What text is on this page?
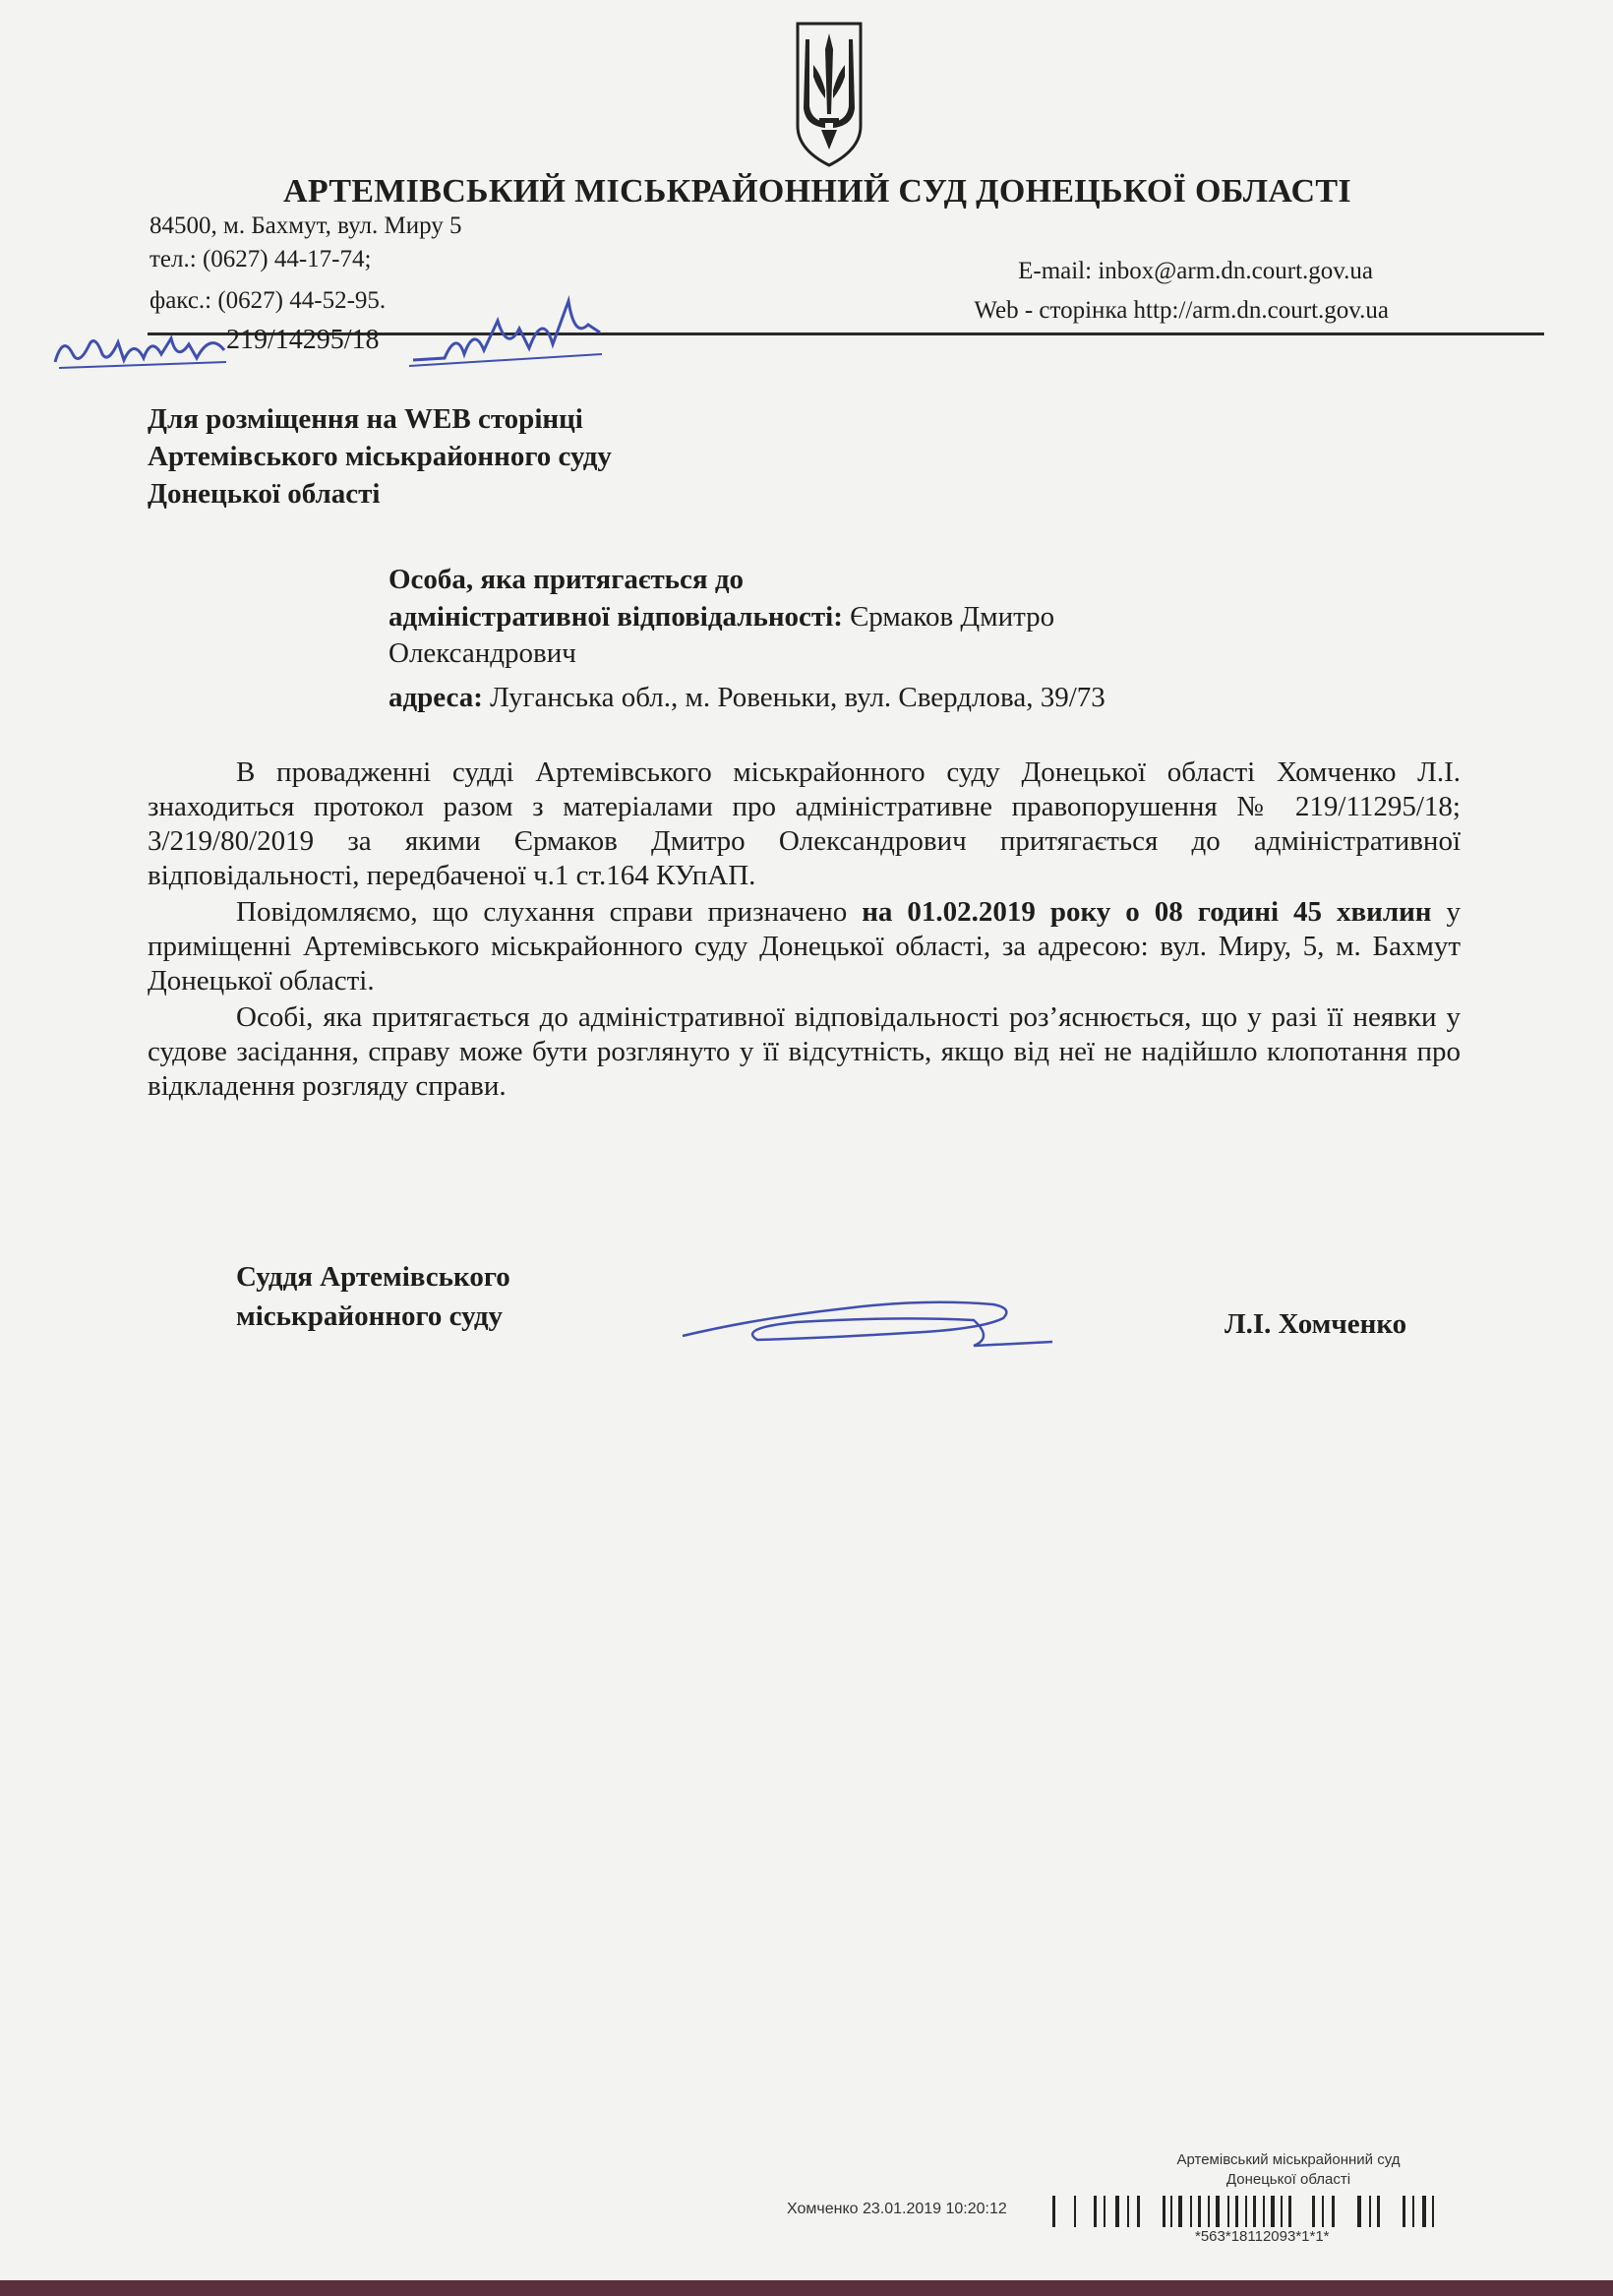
АРТЕМІВСЬКИЙ МІСЬКРАЙОННИЙ СУД ДОНЕЦЬКОЇ ОБЛАСТІ
84500, м. Бахмут, вул. Миру 5
тел.: (0627) 44-17-74;
факс.: (0627) 44-52-95.
E-mail: inbox@arm.dn.court.gov.ua
Web - сторінка http://arm.dn.court.gov.ua
219/14295/18
Для розміщення на WEB сторінці
Артемівського міськрайонного суду
Донецької області
Особа, яка притягається до
адміністративної відповідальності: Єрмаков Дмитро
Олександрович
адреса: Луганська обл., м. Ровеньки, вул. Свердлова, 39/73

В провадженні судді Артемівського міськрайонного суду Донецької області Хомченко Л.І. знаходиться протокол разом з матеріалами про адміністративне правопорушення № 219/11295/18; 3/219/80/2019 за якими Єрмаков Дмитро Олександрович притягається до адміністративної відповідальності, передбаченої ч.1 ст.164 КУпАП.

Повідомляємо, що слухання справи призначено на 01.02.2019 року о 08 годині 45 хвилин у приміщенні Артемівського міськрайонного суду Донецької області, за адресою: вул. Миру, 5, м. Бахмут Донецької області.

Особі, яка притягається до адміністративної відповідальності роз’яснюється, що у разі її неявки у судове засідання, справу може бути розглянуто у її відсутність, якщо від неї не надійшло клопотання про відкладення розгляду справи.

Суддя Артемівського
міськрайонного суду	Л.І. Хомченко
Артемівський міськрайонний суд
Донецької області
Хомченко 23.01.2019 10:20:12
*563*18112093*1*1*
